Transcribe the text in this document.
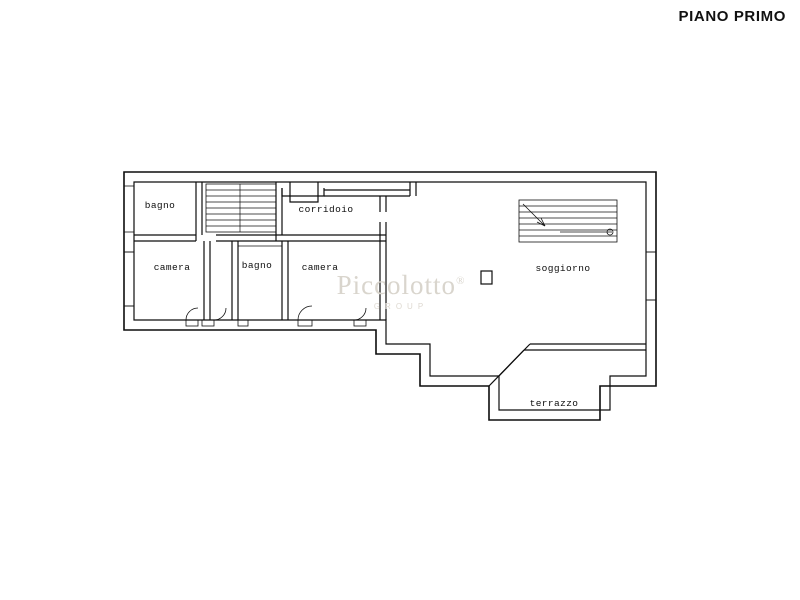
PIANO PRIMO
bagno	corridoio
camera	bagno	camera	soggiorno
terrazzo
Piccolotto®
GROUP
